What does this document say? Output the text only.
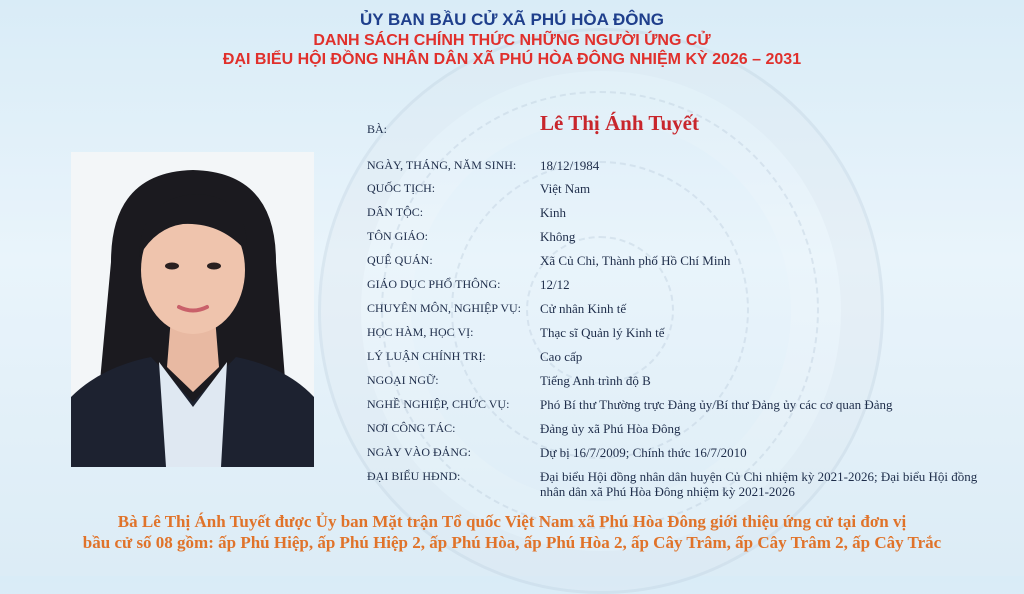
ỦY BAN BẦU CỬ XÃ PHÚ HÒA ĐÔNG
DANH SÁCH CHÍNH THỨC NHỮNG NGƯỜI ỨNG CỬ
ĐẠI BIỂU HỘI ĐỒNG NHÂN DÂN XÃ PHÚ HÒA ĐÔNG NHIỆM KỲ 2026 – 2031
BÀ:	Lê Thị Ánh Tuyết
NGÀY, THÁNG, NĂM SINH:	18/12/1984
QUỐC TỊCH:	Việt Nam
DÂN TỘC:	Kinh
TÔN GIÁO:	Không
QUÊ QUÁN:	Xã Củ Chi, Thành phố Hồ Chí Minh
GIÁO DỤC PHỔ THÔNG:	12/12
CHUYÊN MÔN, NGHIỆP VỤ:	Cử nhân Kinh tế
HỌC HÀM, HỌC VỊ:	Thạc sĩ Quản lý Kinh tế
LÝ LUẬN CHÍNH TRỊ:	Cao cấp
NGOẠI NGỮ:	Tiếng Anh trình độ B
NGHỀ NGHIỆP, CHỨC VỤ:	Phó Bí thư Thường trực Đảng ủy/Bí thư Đảng ủy các cơ quan Đảng
NƠI CÔNG TÁC:	Đảng ủy xã Phú Hòa Đông
NGÀY VÀO ĐẢNG:	Dự bị 16/7/2009; Chính thức 16/7/2010
ĐẠI BIỂU HĐND:	Đại biểu Hội đồng nhân dân huyện Củ Chi nhiệm kỳ 2021-2026; Đại biểu Hội đồng nhân dân xã Phú Hòa Đông nhiệm kỳ 2021-2026
Bà Lê Thị Ánh Tuyết được Ủy ban Mặt trận Tổ quốc Việt Nam xã Phú Hòa Đông giới thiệu ứng cử tại đơn vị
bầu cử số 08 gồm: ấp Phú Hiệp, ấp Phú Hiệp 2, ấp Phú Hòa, ấp Phú Hòa 2, ấp Cây Trâm, ấp Cây Trâm 2, ấp Cây Trắc
